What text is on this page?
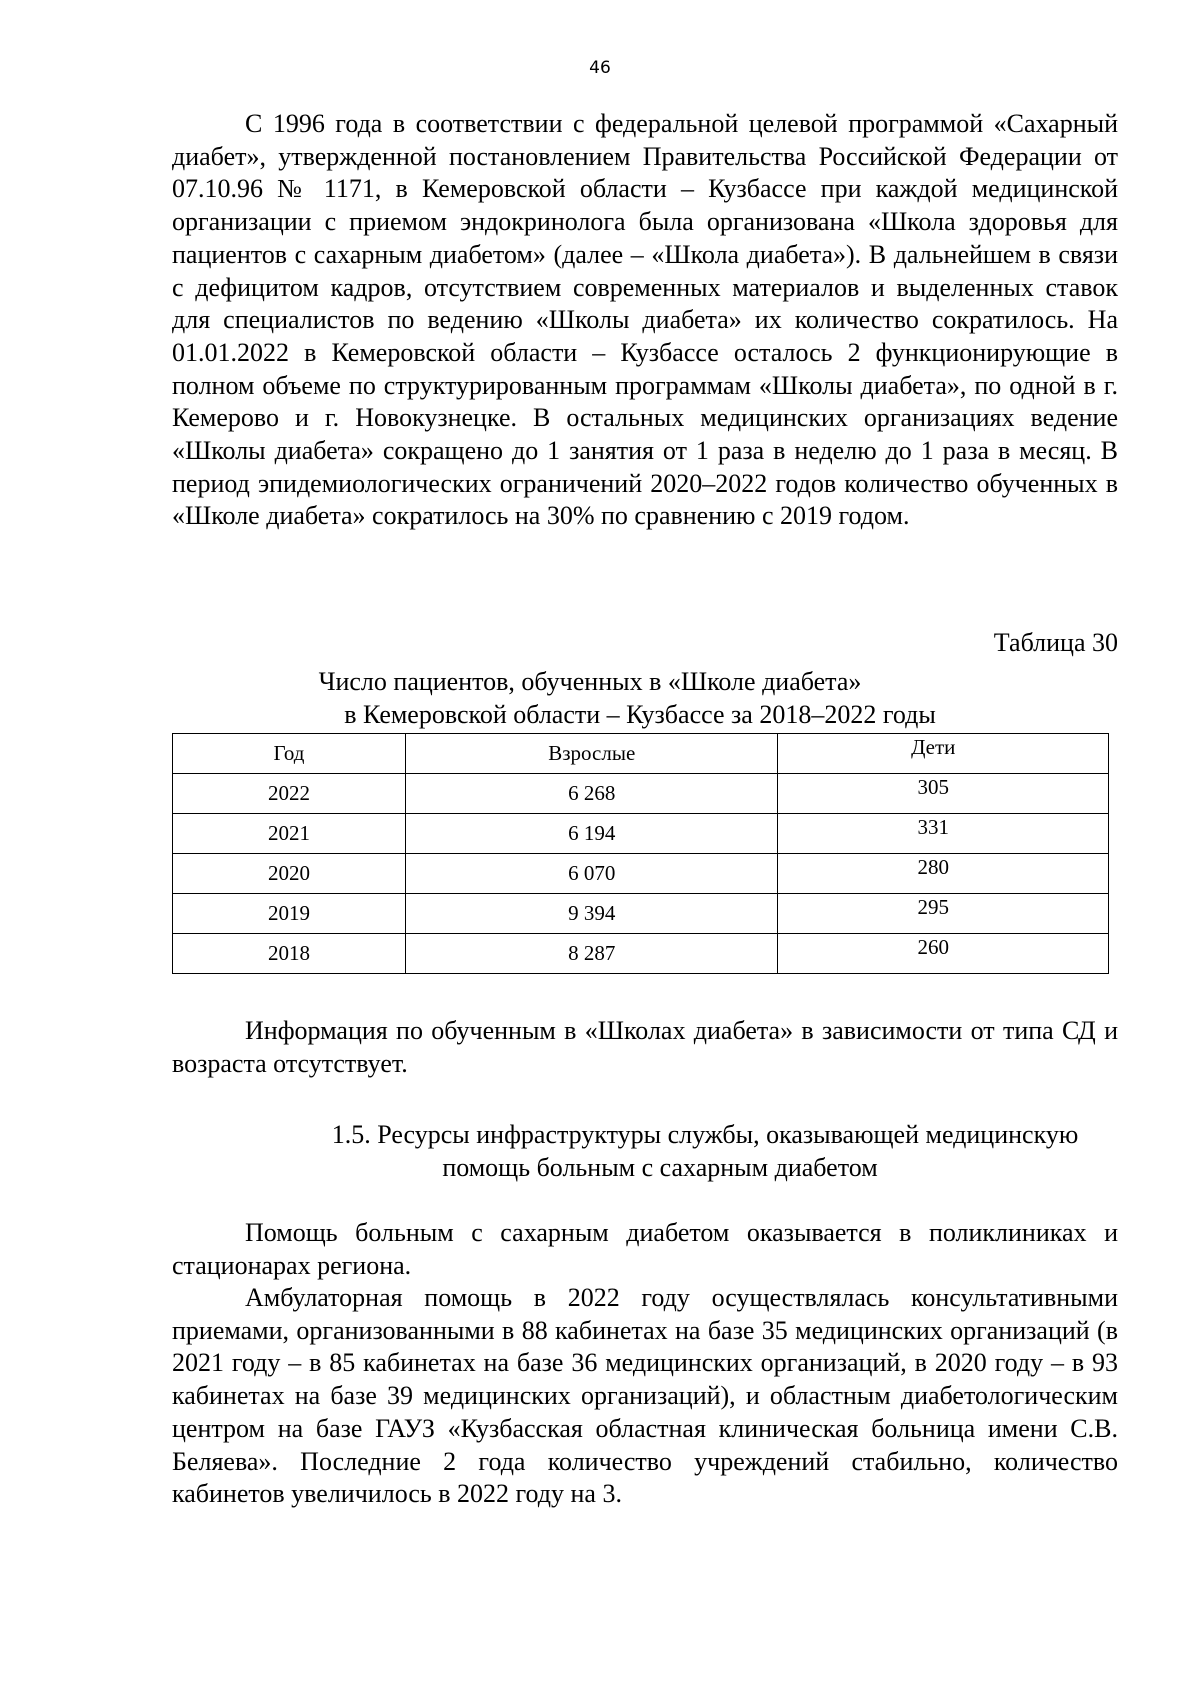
46

С 1996 года в соответствии с федеральной целевой программой «Сахарный диабет», утвержденной постановлением Правительства Российской Федерации от 07.10.96 № 1171, в Кемеровской области – Кузбассе при каждой медицинской организации с приемом эндокринолога была организована «Школа здоровья для пациентов с сахарным диабетом» (далее – «Школа диабета»). В дальнейшем в связи с дефицитом кадров, отсутствием современных материалов и выделенных ставок для специалистов по ведению «Школы диабета» их количество сократилось. На 01.01.2022 в Кемеровской области – Кузбассе осталось 2 функционирующие в полном объеме по структурированным программам «Школы диабета», по одной в г. Кемерово и г. Новокузнецке. В остальных медицинских организациях ведение «Школы диабета» сокращено до 1 занятия от 1 раза в неделю до 1 раза в месяц. В период эпидемиологических ограничений 2020–2022 годов количество обученных в «Школе диабета» сократилось на 30% по сравнению с 2019 годом.

Таблица 30
Число пациентов, обученных в «Школе диабета»
в Кемеровской области – Кузбассе за 2018–2022 годы
Год	Взрослые	Дети
2022	6 268	305
2021	6 194	331
2020	6 070	280
2019	9 394	295
2018	8 287	260

Информация по обученным в «Школах диабета» в зависимости от типа СД и возраста отсутствует.

1.5. Ресурсы инфраструктуры службы, оказывающей медицинскую
помощь больным с сахарным диабетом

Помощь больным с сахарным диабетом оказывается в поликлиниках и стационарах региона.

Амбулаторная помощь в 2022 году осуществлялась консультативными приемами, организованными в 88 кабинетах на базе 35 медицинских организаций (в 2021 году – в 85 кабинетах на базе 36 медицинских организаций, в 2020 году – в 93 кабинетах на базе 39 медицинских организаций), и областным диабетологическим центром на базе ГАУЗ «Кузбасская областная клиническая больница имени С.В. Беляева». Последние 2 года количество учреждений стабильно, количество кабинетов увеличилось в 2022 году на 3.
